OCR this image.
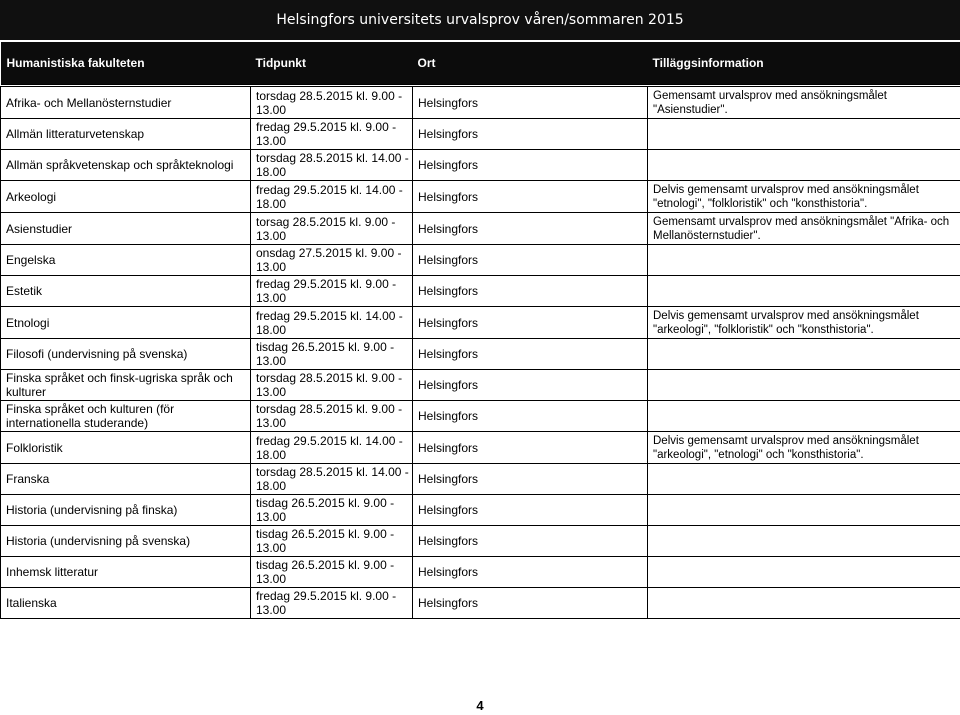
Helsingfors universitets urvalsprov våren/sommaren 2015
Humanistiska fakulteten	Tidpunkt	Ort	Tilläggsinformation

Afrika- och Mellanösternstudier	torsdag 28.5.2015 kl. 9.00 - 13.00	Helsingfors	Gemensamt urvalsprov med ansökningsmålet "Asienstudier".
Allmän litteraturvetenskap	fredag 29.5.2015 kl. 9.00 - 13.00	Helsingfors	
Allmän språkvetenskap och språkteknologi	torsdag 28.5.2015 kl. 14.00 - 18.00	Helsingfors	
Arkeologi	fredag 29.5.2015 kl. 14.00 - 18.00	Helsingfors	Delvis gemensamt urvalsprov med ansökningsmålet "etnologi", "folkloristik" och "konsthistoria".
Asienstudier	torsag 28.5.2015 kl. 9.00 - 13.00	Helsingfors	Gemensamt urvalsprov med ansökningsmålet "Afrika- och Mellanösternstudier".
Engelska	onsdag 27.5.2015 kl. 9.00 - 13.00	Helsingfors	
Estetik	fredag 29.5.2015 kl. 9.00 - 13.00	Helsingfors	
Etnologi	fredag 29.5.2015 kl. 14.00 - 18.00	Helsingfors	Delvis gemensamt urvalsprov med ansökningsmålet "arkeologi", "folkloristik" och "konsthistoria".
Filosofi (undervisning på svenska)	tisdag 26.5.2015 kl. 9.00 - 13.00	Helsingfors	
Finska språket och finsk-ugriska språk och kulturer	torsdag 28.5.2015 kl. 9.00 - 13.00	Helsingfors	
Finska språket och kulturen (för internationella studerande)	torsdag 28.5.2015 kl. 9.00 - 13.00	Helsingfors	
Folkloristik	fredag 29.5.2015 kl. 14.00 - 18.00	Helsingfors	Delvis gemensamt urvalsprov med ansökningsmålet "arkeologi", "etnologi" och "konsthistoria".
Franska	torsdag 28.5.2015 kl. 14.00 - 18.00	Helsingfors	
Historia (undervisning på finska)	tisdag 26.5.2015 kl. 9.00 - 13.00	Helsingfors	
Historia (undervisning på svenska)	tisdag 26.5.2015 kl. 9.00 - 13.00	Helsingfors	
Inhemsk litteratur	tisdag 26.5.2015 kl. 9.00 - 13.00	Helsingfors	
Italienska	fredag 29.5.2015 kl. 9.00 - 13.00	Helsingfors	
4
